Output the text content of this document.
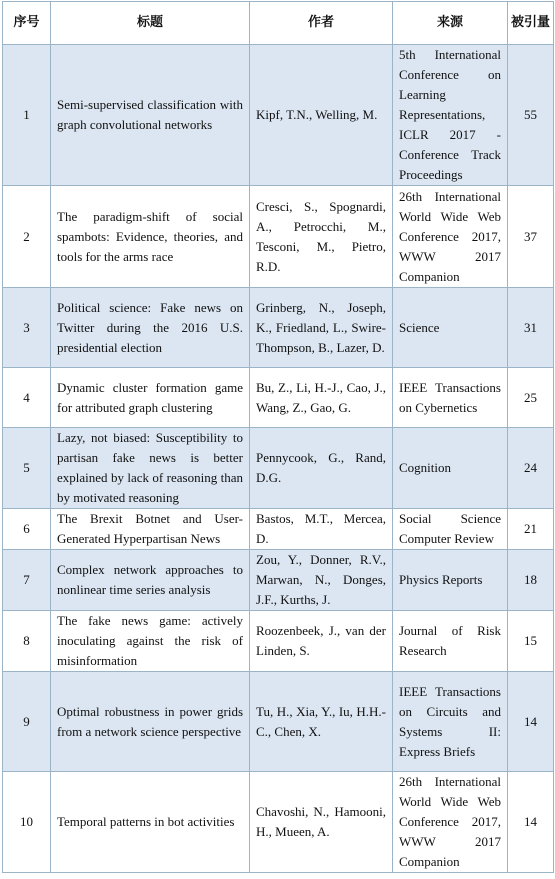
序号	标题	作者	来源	被引量
1	Semi-supervised classification with graph convolutional networks	Kipf, T.N., Welling, M.	5th International Conference on Learning Representations, ICLR 2017 - Conference Track Proceedings	55
2	The paradigm-shift of social spambots: Evidence, theories, and tools for the arms race	Cresci, S., Spognardi, A., Petrocchi, M., Tesconi, M., Pietro, R.D.	26th International World Wide Web Conference 2017, WWW 2017 Companion	37
3	Political science: Fake news on Twitter during the 2016 U.S. presidential election	Grinberg, N., Joseph, K., Friedland, L., Swire-Thompson, B., Lazer, D.	Science	31
4	Dynamic cluster formation game for attributed graph clustering	Bu, Z., Li, H.-J., Cao, J., Wang, Z., Gao, G.	IEEE Transactions on Cybernetics	25
5	Lazy, not biased: Susceptibility to partisan fake news is better explained by lack of reasoning than by motivated reasoning	Pennycook, G., Rand, D.G.	Cognition	24
6	The Brexit Botnet and User-Generated Hyperpartisan News	Bastos, M.T., Mercea, D.	Social Science Computer Review	21
7	Complex network approaches to nonlinear time series analysis	Zou, Y., Donner, R.V., Marwan, N., Donges, J.F., Kurths, J.	Physics Reports	18
8	The fake news game: actively inoculating against the risk of misinformation	Roozenbeek, J., van der Linden, S.	Journal of Risk Research	15
9	Optimal robustness in power grids from a network science perspective	Tu, H., Xia, Y., Iu, H.H.-C., Chen, X.	IEEE Transactions on Circuits and Systems II: Express Briefs	14
10	Temporal patterns in bot activities	Chavoshi, N., Hamooni, H., Mueen, A.	26th International World Wide Web Conference 2017, WWW 2017 Companion	14
